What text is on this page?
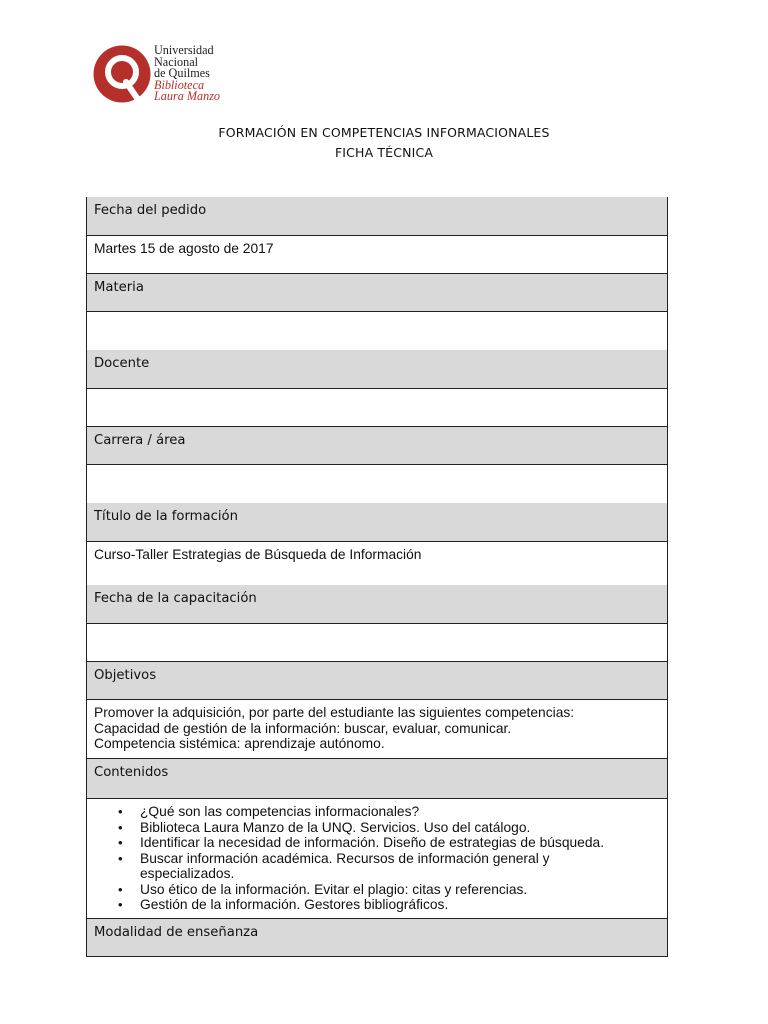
Universidad
Nacional
de Quilmes
Biblioteca
Laura Manzo
FORMACIÓN EN COMPETENCIAS INFORMACIONALES
FICHA TÉCNICA
Fecha del pedido
Martes 15 de agosto de 2017
Materia
Docente
Carrera / área
Título de la formación
Curso-Taller Estrategias de Búsqueda de Información
Fecha de la capacitación
Objetivos
Promover la adquisición, por parte del estudiante las siguientes competencias:
Capacidad de gestión de la información: buscar, evaluar, comunicar.
Competencia sistémica: aprendizaje autónomo.
Contenidos
• ¿Qué son las competencias informacionales?
• Biblioteca Laura Manzo de la UNQ. Servicios. Uso del catálogo.
• Identificar la necesidad de información. Diseño de estrategias de búsqueda.
• Buscar información académica. Recursos de información general y especializados.
• Uso ético de la información. Evitar el plagio: citas y referencias.
• Gestión de la información. Gestores bibliográficos.
Modalidad de enseñanza
